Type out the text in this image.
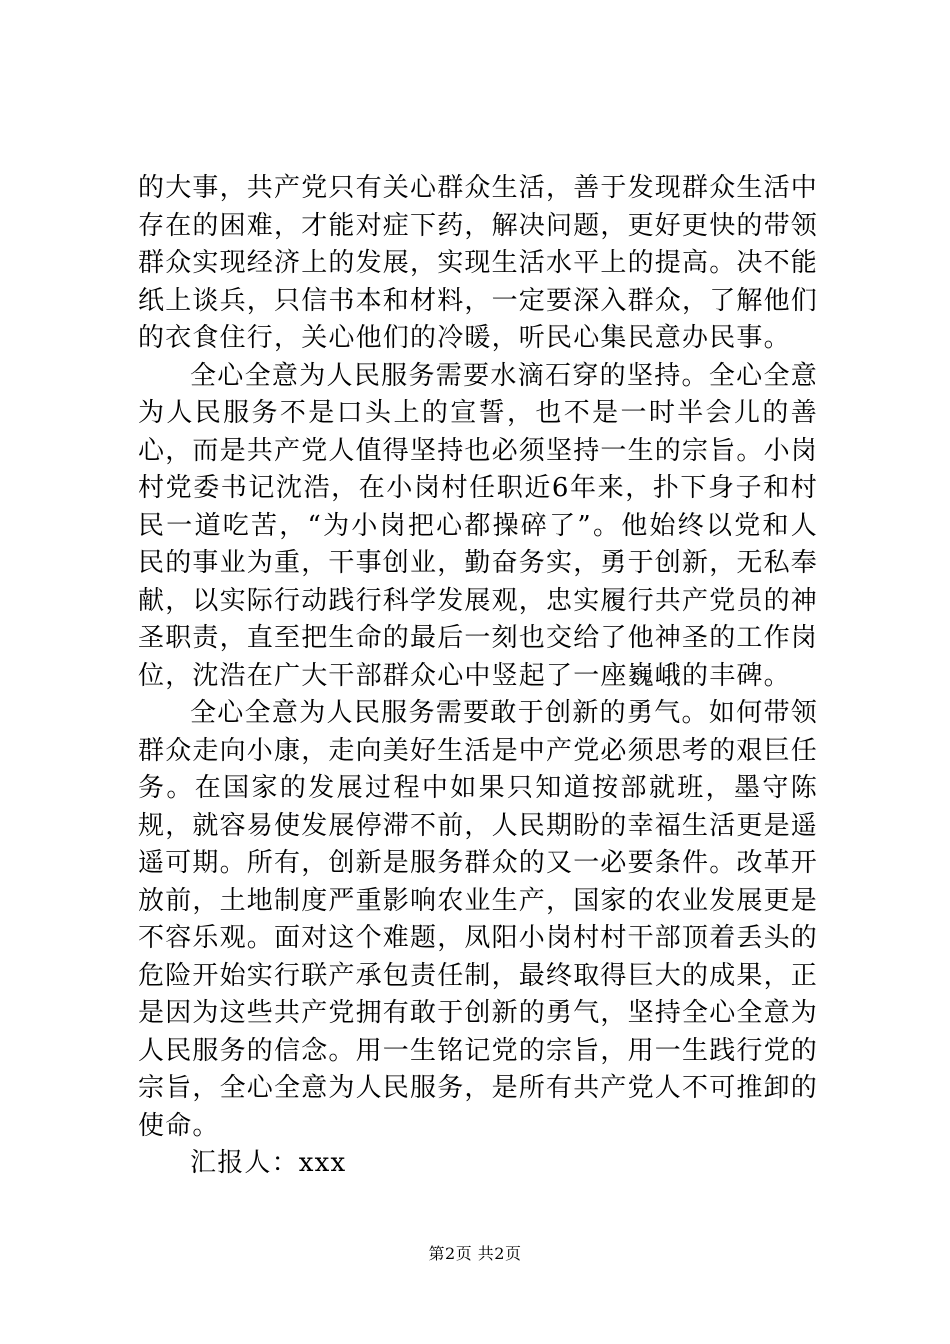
的大事，共产党只有关心群众生活，善于发现群众生活中存在的困难，才能对症下药，解决问题，更好更快的带领群众实现经济上的发展，实现生活水平上的提高。决不能纸上谈兵，只信书本和材料，一定要深入群众，了解他们的衣食住行，关心他们的冷暖，听民心集民意办民事。

全心全意为人民服务需要水滴石穿的坚持。全心全意为人民服务不是口头上的宣誓，也不是一时半会儿的善心，而是共产党人值得坚持也必须坚持一生的宗旨。小岗村党委书记沈浩，在小岗村任职近6年来，扑下身子和村民一道吃苦，“为小岗把心都操碎了”。他始终以党和人民的事业为重，干事创业，勤奋务实，勇于创新，无私奉献，以实际行动践行科学发展观，忠实履行共产党员的神圣职责，直至把生命的最后一刻也交给了他神圣的工作岗位，沈浩在广大干部群众心中竖起了一座巍峨的丰碑。

全心全意为人民服务需要敢于创新的勇气。如何带领群众走向小康，走向美好生活是中产党必须思考的艰巨任务。在国家的发展过程中如果只知道按部就班，墨守陈规，就容易使发展停滞不前，人民期盼的幸福生活更是遥遥可期。所有，创新是服务群众的又一必要条件。改革开放前，土地制度严重影响农业生产，国家的农业发展更是不容乐观。面对这个难题，凤阳小岗村村干部顶着丢头的危险开始实行联产承包责任制，最终取得巨大的成果，正是因为这些共产党拥有敢于创新的勇气，坚持全心全意为人民服务的信念。用一生铭记党的宗旨，用一生践行党的宗旨，全心全意为人民服务，是所有共产党人不可推卸的使命。

汇报人：xxx

第2页 共2页
